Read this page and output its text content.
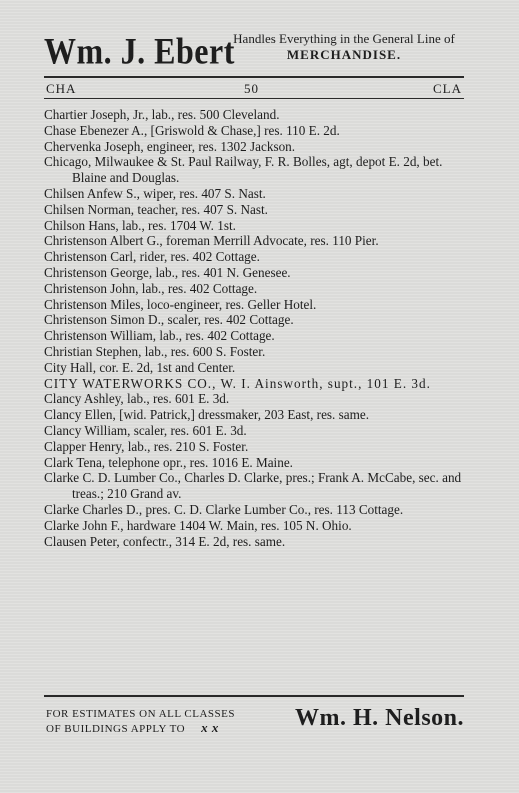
Wm. J. Ebert
Handles Everything in the General Line of
MERCHANDISE.
CHA	50	CLA

Chartier Joseph, Jr., lab., res. 500 Cleveland.

Chase Ebenezer A., [Griswold & Chase,] res. 110 E. 2d.

Chervenka Joseph, engineer, res. 1302 Jackson.

Chicago, Milwaukee & St. Paul Railway, F. R. Bolles, agt, depot E. 2d, bet. Blaine and Douglas.

Chilsen Anfew S., wiper, res. 407 S. Nast.

Chilsen Norman, teacher, res. 407 S. Nast.

Chilson Hans, lab., res. 1704 W. 1st.

Christenson Albert G., foreman Merrill Advocate, res. 110 Pier.

Christenson Carl, rider, res. 402 Cottage.

Christenson George, lab., res. 401 N. Genesee.

Christenson John, lab., res. 402 Cottage.

Christenson Miles, loco-engineer, res. Geller Hotel.

Christenson Simon D., scaler, res. 402 Cottage.

Christenson William, lab., res. 402 Cottage.

Christian Stephen, lab., res. 600 S. Foster.

City Hall, cor. E. 2d, 1st and Center.

CITY WATERWORKS CO., W. I. Ainsworth, supt., 101 E. 3d.

Clancy Ashley, lab., res. 601 E. 3d.

Clancy Ellen, [wid. Patrick,] dressmaker, 203 East, res. same.

Clancy William, scaler, res. 601 E. 3d.

Clapper Henry, lab., res. 210 S. Foster.

Clark Tena, telephone opr., res. 1016 E. Maine.

Clarke C. D. Lumber Co., Charles D. Clarke, pres.; Frank A. McCabe, sec. and treas.; 210 Grand av.

Clarke Charles D., pres. C. D. Clarke Lumber Co., res. 113 Cottage.

Clarke John F., hardware 1404 W. Main, res. 105 N. Ohio.

Clausen Peter, confectr., 314 E. 2d, res. same.

FOR ESTIMATES ON ALL CLASSES
OF BUILDINGS APPLY TO x x	Wm. H. Nelson.
